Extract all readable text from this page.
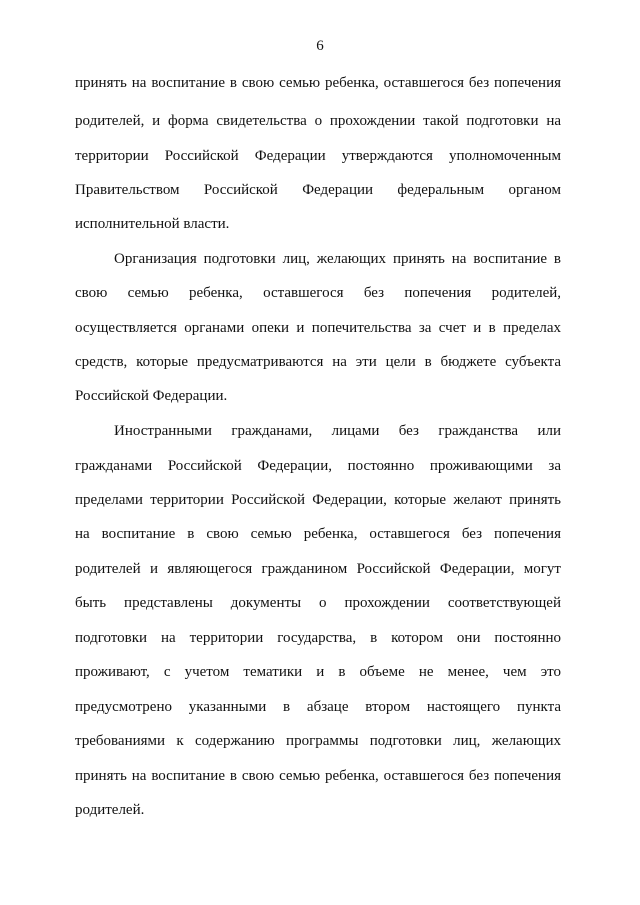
6
принять на воспитание в свою семью ребенка, оставшегося без попечения
родителей, и форма свидетельства о прохождении такой подготовки на
территории Российской Федерации утверждаются уполномоченным
Правительством Российской Федерации федеральным органом
исполнительной власти.
Организация подготовки лиц, желающих принять на воспитание в
свою семью ребенка, оставшегося без попечения родителей,
осуществляется органами опеки и попечительства за счет и в пределах
средств, которые предусматриваются на эти цели в бюджете субъекта
Российской Федерации.
Иностранными гражданами, лицами без гражданства или
гражданами Российской Федерации, постоянно проживающими за
пределами территории Российской Федерации, которые желают принять
на воспитание в свою семью ребенка, оставшегося без попечения
родителей и являющегося гражданином Российской Федерации, могут
быть представлены документы о прохождении соответствующей
подготовки на территории государства, в котором они постоянно
проживают, с учетом тематики и в объеме не менее, чем это
предусмотрено указанными в абзаце втором настоящего пункта
требованиями к содержанию программы подготовки лиц, желающих
принять на воспитание в свою семью ребенка, оставшегося без попечения
родителей.
